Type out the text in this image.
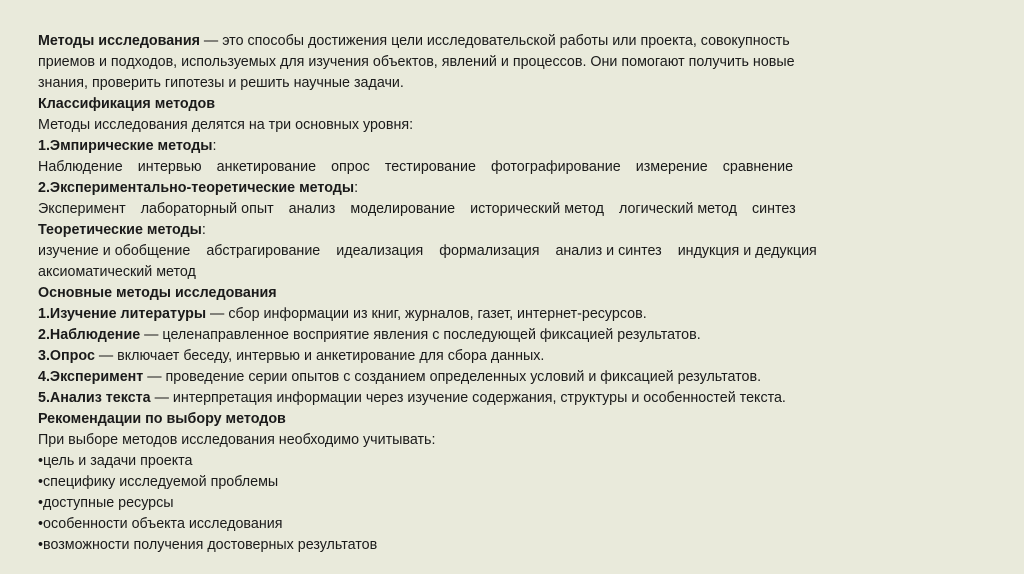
Методы исследования — это способы достижения цели исследовательской работы или проекта, совокупность
приемов и подходов, используемых для изучения объектов, явлений и процессов. Они помогают получить новые
знания, проверить гипотезы и решить научные задачи.
Классификация методов
Методы исследования делятся на три основных уровня:
1.Эмпирические методы:
Наблюдение интервью анкетирование опрос тестирование фотографирование измерение сравнение
2.Экспериментально-теоретические методы:
Эксперимент лабораторный опыт анализ моделирование исторический метод логический метод синтез
Теоретические методы:
изучение и обобщение абстрагирование идеализация формализация анализ и синтез индукция и дедукция
аксиоматический метод
Основные методы исследования
1.Изучение литературы — сбор информации из книг, журналов, газет, интернет-ресурсов.
2.Наблюдение — целенаправленное восприятие явления с последующей фиксацией результатов.
3.Опрос — включает беседу, интервью и анкетирование для сбора данных.
4.Эксперимент — проведение серии опытов с созданием определенных условий и фиксацией результатов.
5.Анализ текста — интерпретация информации через изучение содержания, структуры и особенностей текста.
Рекомендации по выбору методов
При выборе методов исследования необходимо учитывать:
•цель и задачи проекта
•специфику исследуемой проблемы
•доступные ресурсы
•особенности объекта исследования
•возможности получения достоверных результатов
